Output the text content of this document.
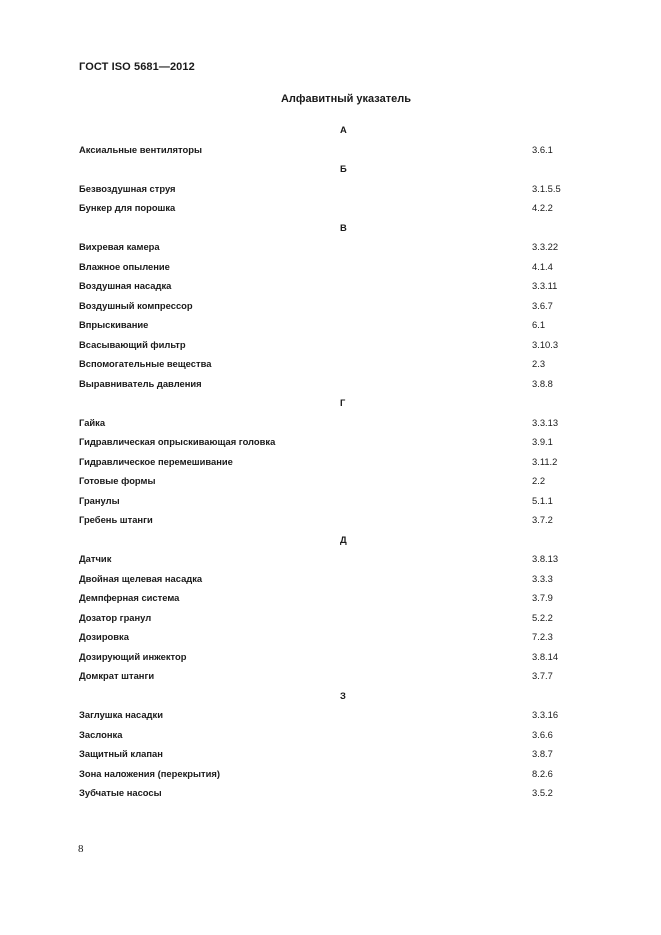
ГОСТ ISO 5681—2012
Алфавитный указатель
А
Аксиальные вентиляторы	3.6.1
Б
Безвоздушная струя	3.1.5.5
Бункер для порошка	4.2.2
В
Вихревая камера	3.3.22
Влажное опыление	4.1.4
Воздушная насадка	3.3.11
Воздушный компрессор	3.6.7
Впрыскивание	6.1
Всасывающий фильтр	3.10.3
Вспомогательные вещества	2.3
Выравниватель давления	3.8.8
Г
Гайка	3.3.13
Гидравлическая опрыскивающая головка	3.9.1
Гидравлическое перемешивание	3.11.2
Готовые формы	2.2
Гранулы	5.1.1
Гребень штанги	3.7.2
Д
Датчик	3.8.13
Двойная щелевая насадка	3.3.3
Демпферная система	3.7.9
Дозатор гранул	5.2.2
Дозировка	7.2.3
Дозирующий инжектор	3.8.14
Домкрат штанги	3.7.7
З
Заглушка насадки	3.3.16
Заслонка	3.6.6
Защитный клапан	3.8.7
Зона наложения (перекрытия)	8.2.6
Зубчатые насосы	3.5.2
8
